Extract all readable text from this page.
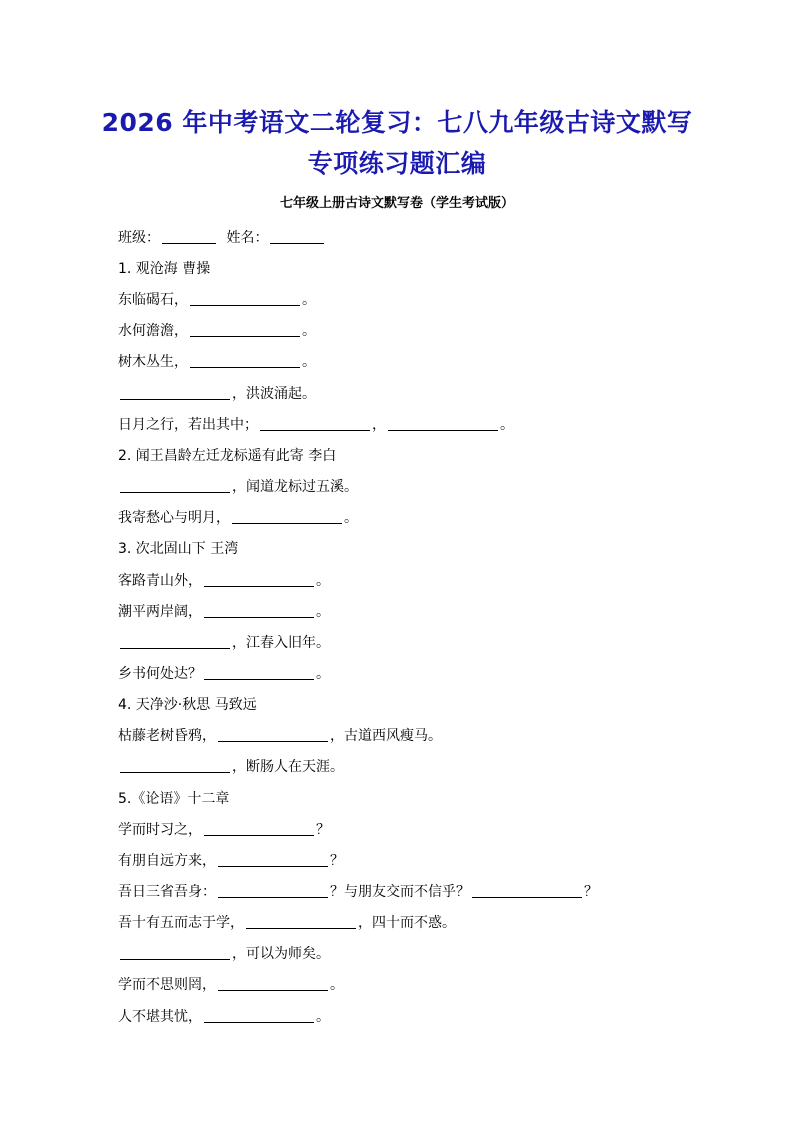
2026 年中考语文二轮复习：七八九年级古诗文默写
专项练习题汇编
七年级上册古诗文默写卷（学生考试版）
班级：	姓名：
1. 观沧海 曹操
东临碣石，	。
水何澹澹，	。
树木丛生，	。
，洪波涌起。
日月之行，若出其中；	，	。
2. 闻王昌龄左迁龙标遥有此寄 李白
，闻道龙标过五溪。
我寄愁心与明月，	。
3. 次北固山下 王湾
客路青山外，	。
潮平两岸阔，	。
，江春入旧年。
乡书何处达？	。
4. 天净沙·秋思 马致远
枯藤老树昏鸦，	，古道西风瘦马。
，断肠人在天涯。
5.《论语》十二章
学而时习之，	？
有朋自远方来，	？
吾日三省吾身：	？与朋友交而不信乎？	？
吾十有五而志于学，	，四十而不惑。
，可以为师矣。
学而不思则罔，	。
人不堪其忧，	。
